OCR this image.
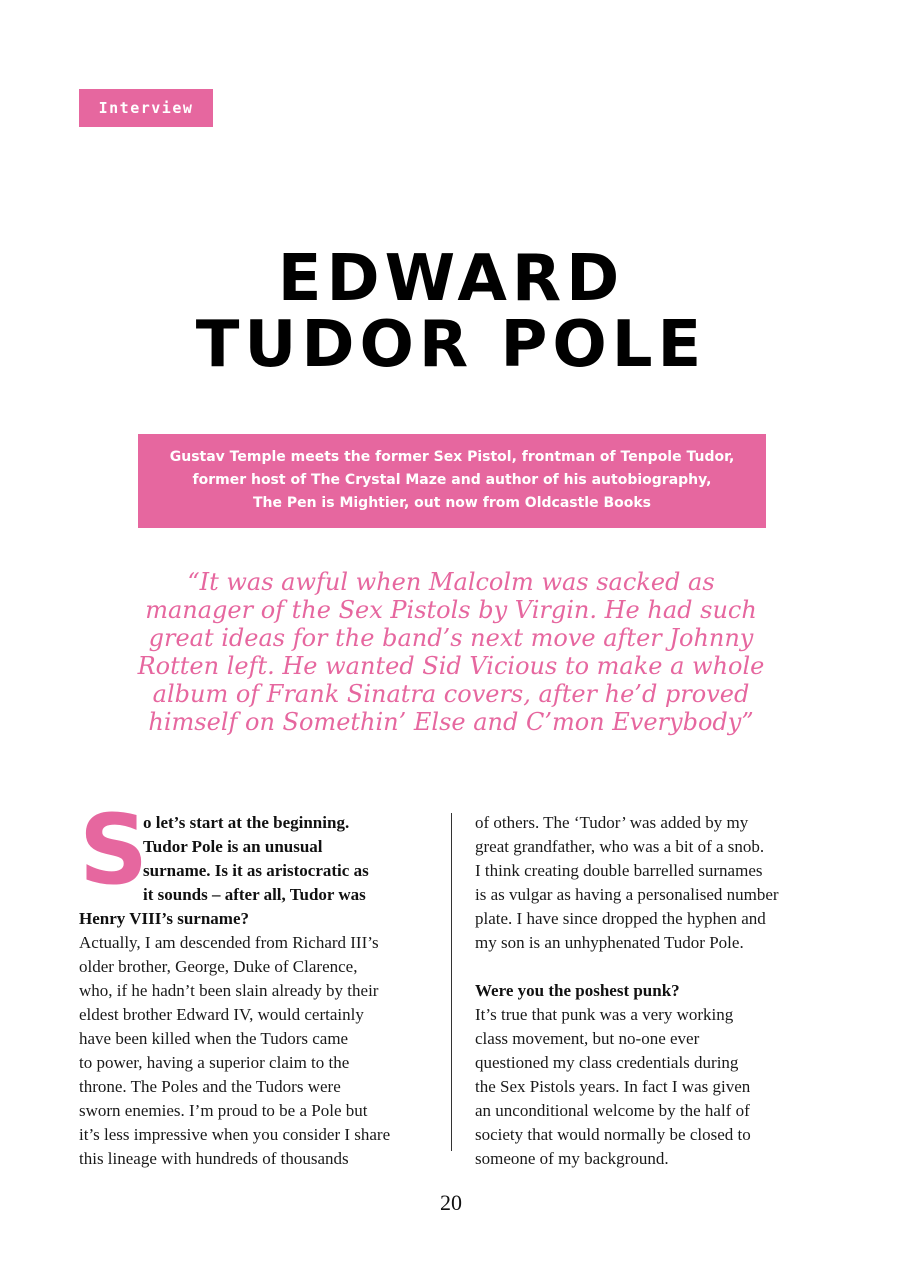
Interview
EDWARD
TUDOR POLE
Gustav Temple meets the former Sex Pistol, frontman of Tenpole Tudor,
former host of The Crystal Maze and author of his autobiography,
The Pen is Mightier, out now from Oldcastle Books
“It was awful when Malcolm was sacked as
manager of the Sex Pistols by Virgin. He had such
great ideas for the band’s next move after Johnny
Rotten left. He wanted Sid Vicious to make a whole
album of Frank Sinatra covers, after he’d proved
himself on Somethin’ Else and C’mon Everybody”
S
o let’s start at the beginning.
Tudor Pole is an unusual
surname. Is it as aristocratic as
it sounds – after all, Tudor was
Henry VIII’s surname?
Actually, I am descended from Richard III’s
older brother, George, Duke of Clarence,
who, if he hadn’t been slain already by their
eldest brother Edward IV, would certainly
have been killed when the Tudors came
to power, having a superior claim to the
throne. The Poles and the Tudors were
sworn enemies. I’m proud to be a Pole but
it’s less impressive when you consider I share
this lineage with hundreds of thousands
of others. The ‘Tudor’ was added by my
great grandfather, who was a bit of a snob.
I think creating double barrelled surnames
is as vulgar as having a personalised number
plate. I have since dropped the hyphen and
my son is an unhyphenated Tudor Pole.
Were you the poshest punk?
It’s true that punk was a very working
class movement, but no-one ever
questioned my class credentials during
the Sex Pistols years. In fact I was given
an unconditional welcome by the half of
society that would normally be closed to
someone of my background.
20
